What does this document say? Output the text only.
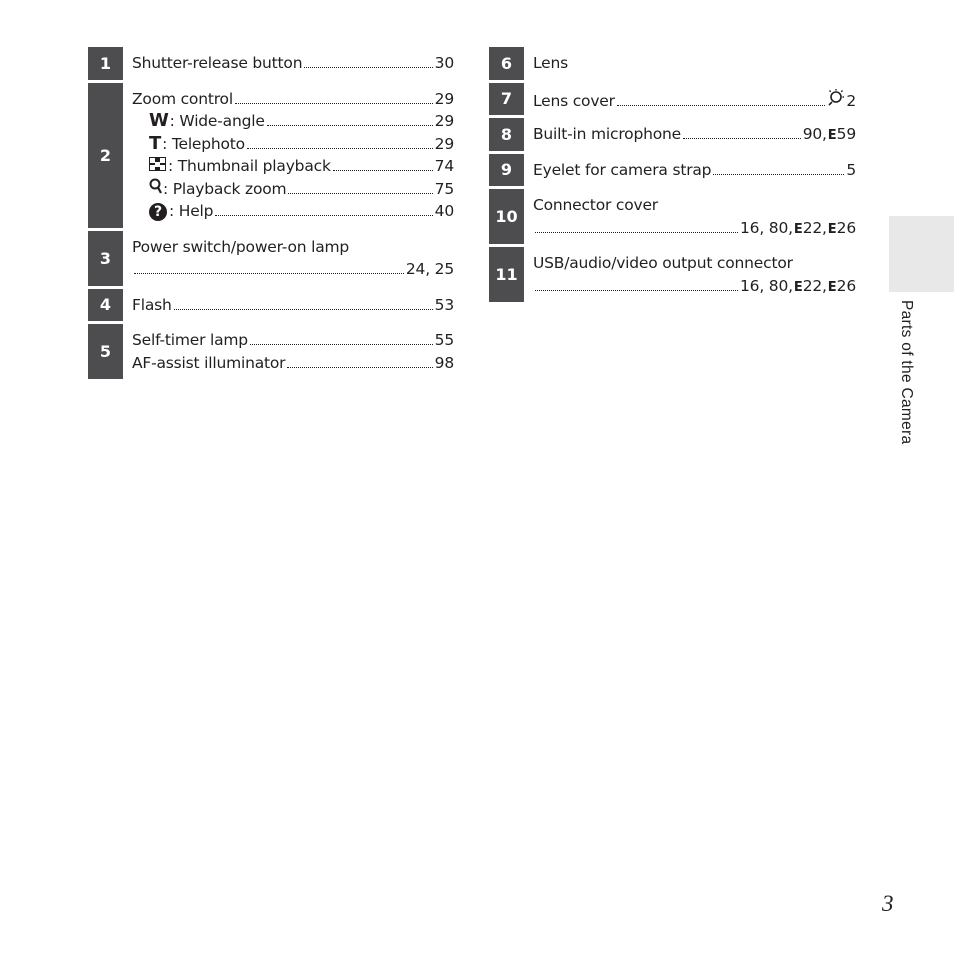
1	Shutter-release button	30
2
Zoom control	29
W : Wide-angle	29
T : Telephoto	29
: Thumbnail playback	74
: Playback zoom	75
? : Help	40
3
Power switch/power-on lamp
24, 25
4	Flash	53
5
Self-timer lamp	55
AF-assist illuminator	98
6	Lens
7	Lens cover	2
8	Built-in microphone	90, E 59
9	Eyelet for camera strap	5
10
Connector cover
16, 80, E 22, E 26
11
USB/audio/video output connector
16, 80, E 22, E 26
Parts of the Camera
3
